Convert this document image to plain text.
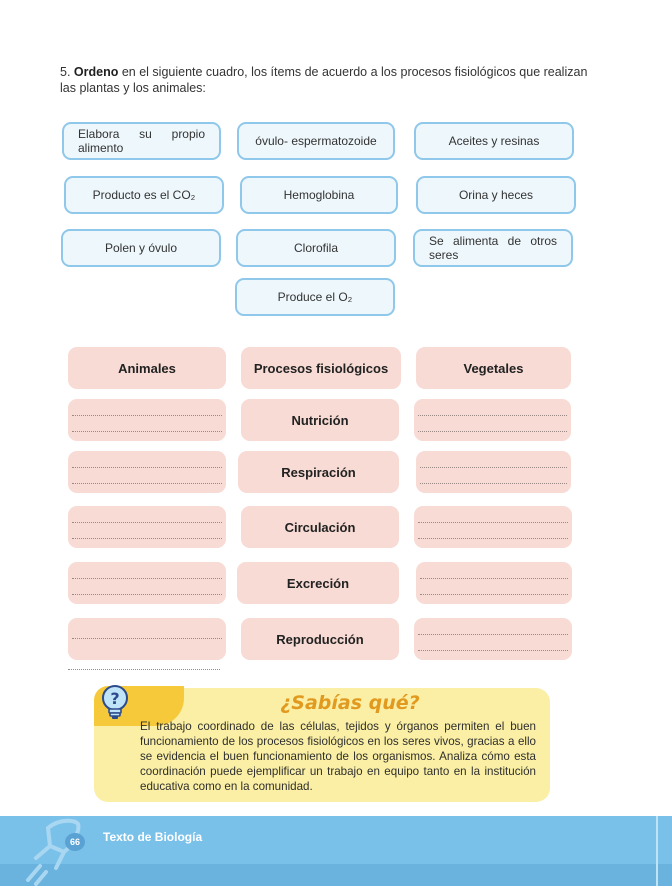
5. Ordeno en el siguiente cuadro, los ítems de acuerdo a los procesos fisiológicos que realizan las plantas y los animales:
Elabora su propio alimento	óvulo- espermatozoide	Aceites y resinas
Producto es el CO₂	Hemoglobina	Orina y heces
Polen y óvulo	Clorofila	Se alimenta de otros seres
Produce el O₂
Animales	Procesos fisiológicos	Vegetales
Nutrición
Respiración
Circulación
Excreción
Reproducción
?	¿Sabías qué?
El trabajo coordinado de las células, tejidos y órganos permiten el buen funcionamiento de los procesos fisiológicos en los seres vivos, gracias a ello se evidencia el buen funcionamiento de los organismos. Analiza cómo esta coordinación puede ejemplificar un trabajo en equipo tanto en la institución educativa como en la comunidad.
66	Texto de Biología
